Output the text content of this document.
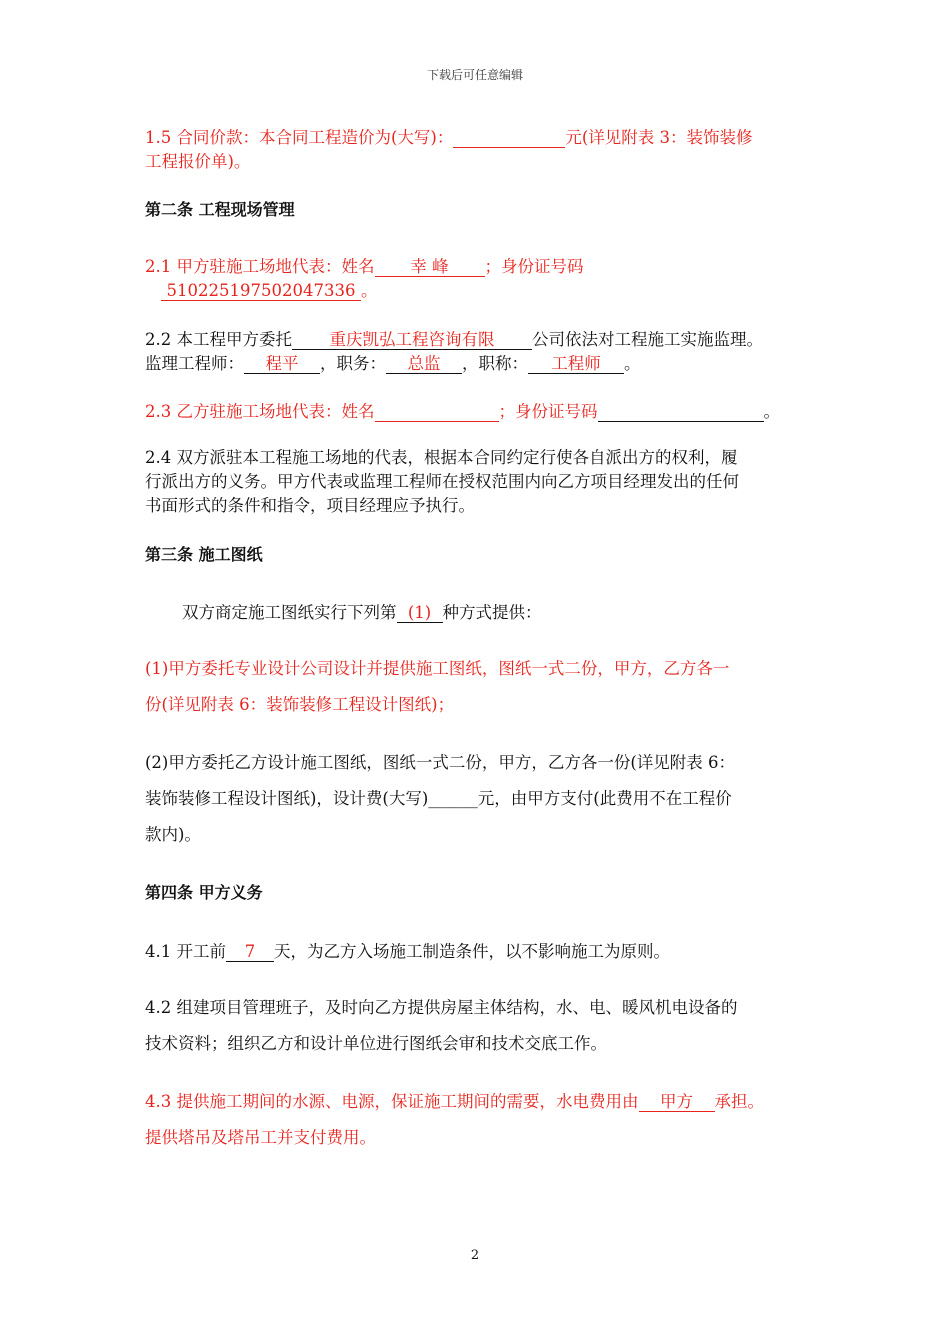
下载后可任意编辑
1.5 合同价款：本合同工程造价为(大写)：	元(详见附表 3：装饰装修
工程报价单)。
第二条 工程现场管理
2.1 甲方驻施工场地代表：姓名 幸 峰 ；身份证号码
510225197502047336 。
2.2 本工程甲方委托 重庆凯弘工程咨询有限 公司依法对工程施工实施监理。
监理工程师： 程平 ，职务： 总监 ，职称： 工程师 。
2.3 乙方驻施工场地代表：姓名	；身份证号码	。
2.4 双方派驻本工程施工场地的代表，根据本合同约定行使各自派出方的权利，履
行派出方的义务。甲方代表或监理工程师在授权范围内向乙方项目经理发出的任何
书面形式的条件和指令，项目经理应予执行。
第三条 施工图纸
双方商定施工图纸实行下列第 (1) 种方式提供：
(1)甲方委托专业设计公司设计并提供施工图纸，图纸一式二份，甲方，乙方各一
份(详见附表 6：装饰装修工程设计图纸)；
(2)甲方委托乙方设计施工图纸，图纸一式二份，甲方，乙方各一份(详见附表 6：
装饰装修工程设计图纸)，设计费(大写)______元，由甲方支付(此费用不在工程价
款内)。
第四条 甲方义务
4.1 开工前 7 天，为乙方入场施工制造条件，以不影响施工为原则。
4.2 组建项目管理班子，及时向乙方提供房屋主体结构，水、电、暖风机电设备的
技术资料；组织乙方和设计单位进行图纸会审和技术交底工作。
4.3 提供施工期间的水源、电源，保证施工期间的需要，水电费用由 甲方 承担。
提供塔吊及塔吊工并支付费用。
2
